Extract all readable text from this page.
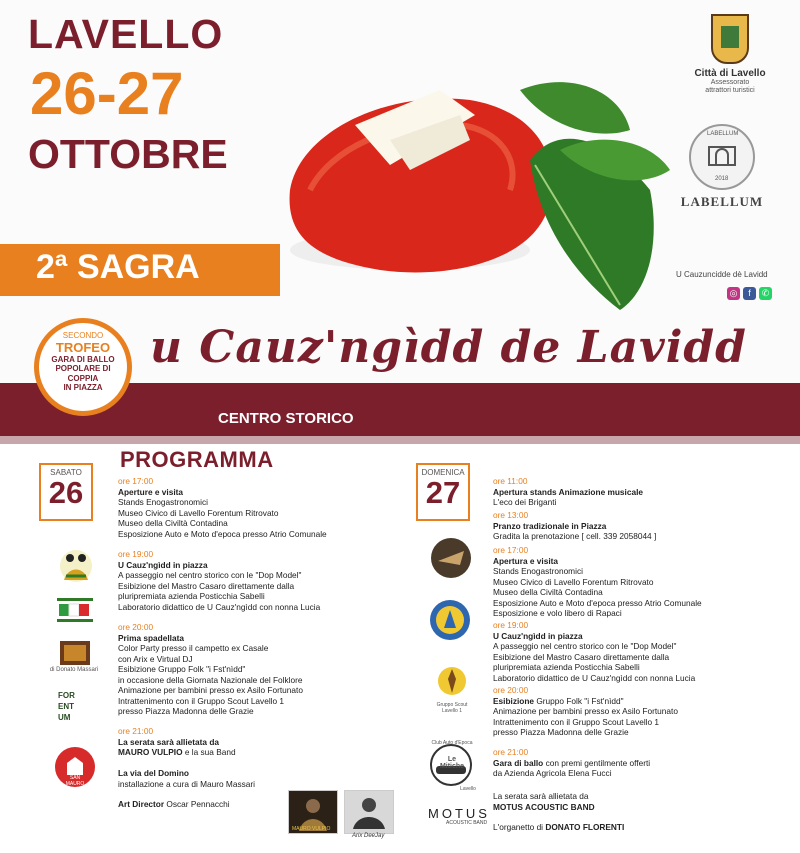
LAVELLO
26-27
OTTOBRE
2ª SAGRA
Città di Lavello
Assessorato
attrattori turistici
LABELLUM
2018
LABELLUM
U Cauzuncidde dè Lavidd
◎	f	✆
u Cauz'ngìdd de Lavidd
CENTRO STORICO
SECONDO
TROFEO
GARA DI BALLO
POPOLARE DI
COPPIA
IN PIAZZA
PROGRAMMA
SABATO
26	ore 17:00
Aperture e visita
Stands Enogastronomici
Museo Civico di Lavello Forentum Ritrovato
Museo della Civiltà Contadina
Esposizione Auto e Moto d'epoca presso Atrio Comunale
ore 19:00
U Cauz'ngìdd in piazza
A passeggio nel centro storico con le "Dop Model"
Esibizione del Mastro Casaro direttamente dalla
pluripremiata azienda Posticchia Sabelli
Laboratorio didattico de U Cauz'ngìdd con nonna Lucia
ore 20:00
Prima spadellata
Color Party presso il campetto ex Casale
con Arix e Virtual DJ
Esibizione Gruppo Folk "i Fst'nìdd"
in occasione della Giornata Nazionale del Folklore
Animazione per bambini presso ex Asilo Fortunato
Intrattenimento con il Gruppo Scout Lavello 1
presso Piazza Madonna delle Grazie
ore 21:00
La serata sarà allietata da
MAURO VULPIO e la sua Band
La via del Domino
installazione a cura di Mauro Massari
Art Director Oscar Pennacchi
di Donato Massari
FOR
ENT
UM
SAN MAURO
MAURO VULPIO
Arix DeeJay
DOMENICA
27	ore 11:00
Apertura stands Animazione musicale
L'eco dei Briganti
ore 13:00
Pranzo tradizionale in Piazza
Gradita la prenotazione [ cell. 339 2058044 ]
ore 17:00
Apertura e visita
Stands Enogastronomici
Museo Civico di Lavello Forentum Ritrovato
Museo della Civiltà Contadina
Esposizione Auto e Moto d'epoca presso Atrio Comunale
Esposizione e volo libero di Rapaci
ore 19:00
U Cauz'ngìdd in piazza
A passeggio nel centro storico con le "Dop Model"
Esibizione del Mastro Casaro direttamente dalla
pluripremiata azienda Posticchia Sabelli
Laboratorio didattico de U Cauz'ngìdd con nonna Lucia
ore 20:00
Esibizione Gruppo Folk "i Fst'nìdd"
Animazione per bambini presso ex Asilo Fortunato
Intrattenimento con il Gruppo Scout Lavello 1
presso Piazza Madonna delle Grazie
ore 21:00
Gara di ballo con premi gentilmente offerti
da Azienda Agricola Elena Fucci
La serata sarà allietata da
MOTUS ACOUSTIC BAND
L'organetto di DONATO FLORENTI
Gruppo Scout Lavello 1
Club Auto d'Epoca
Le Mitiche
Lavello
MOTUS
ACOUSTIC BAND
